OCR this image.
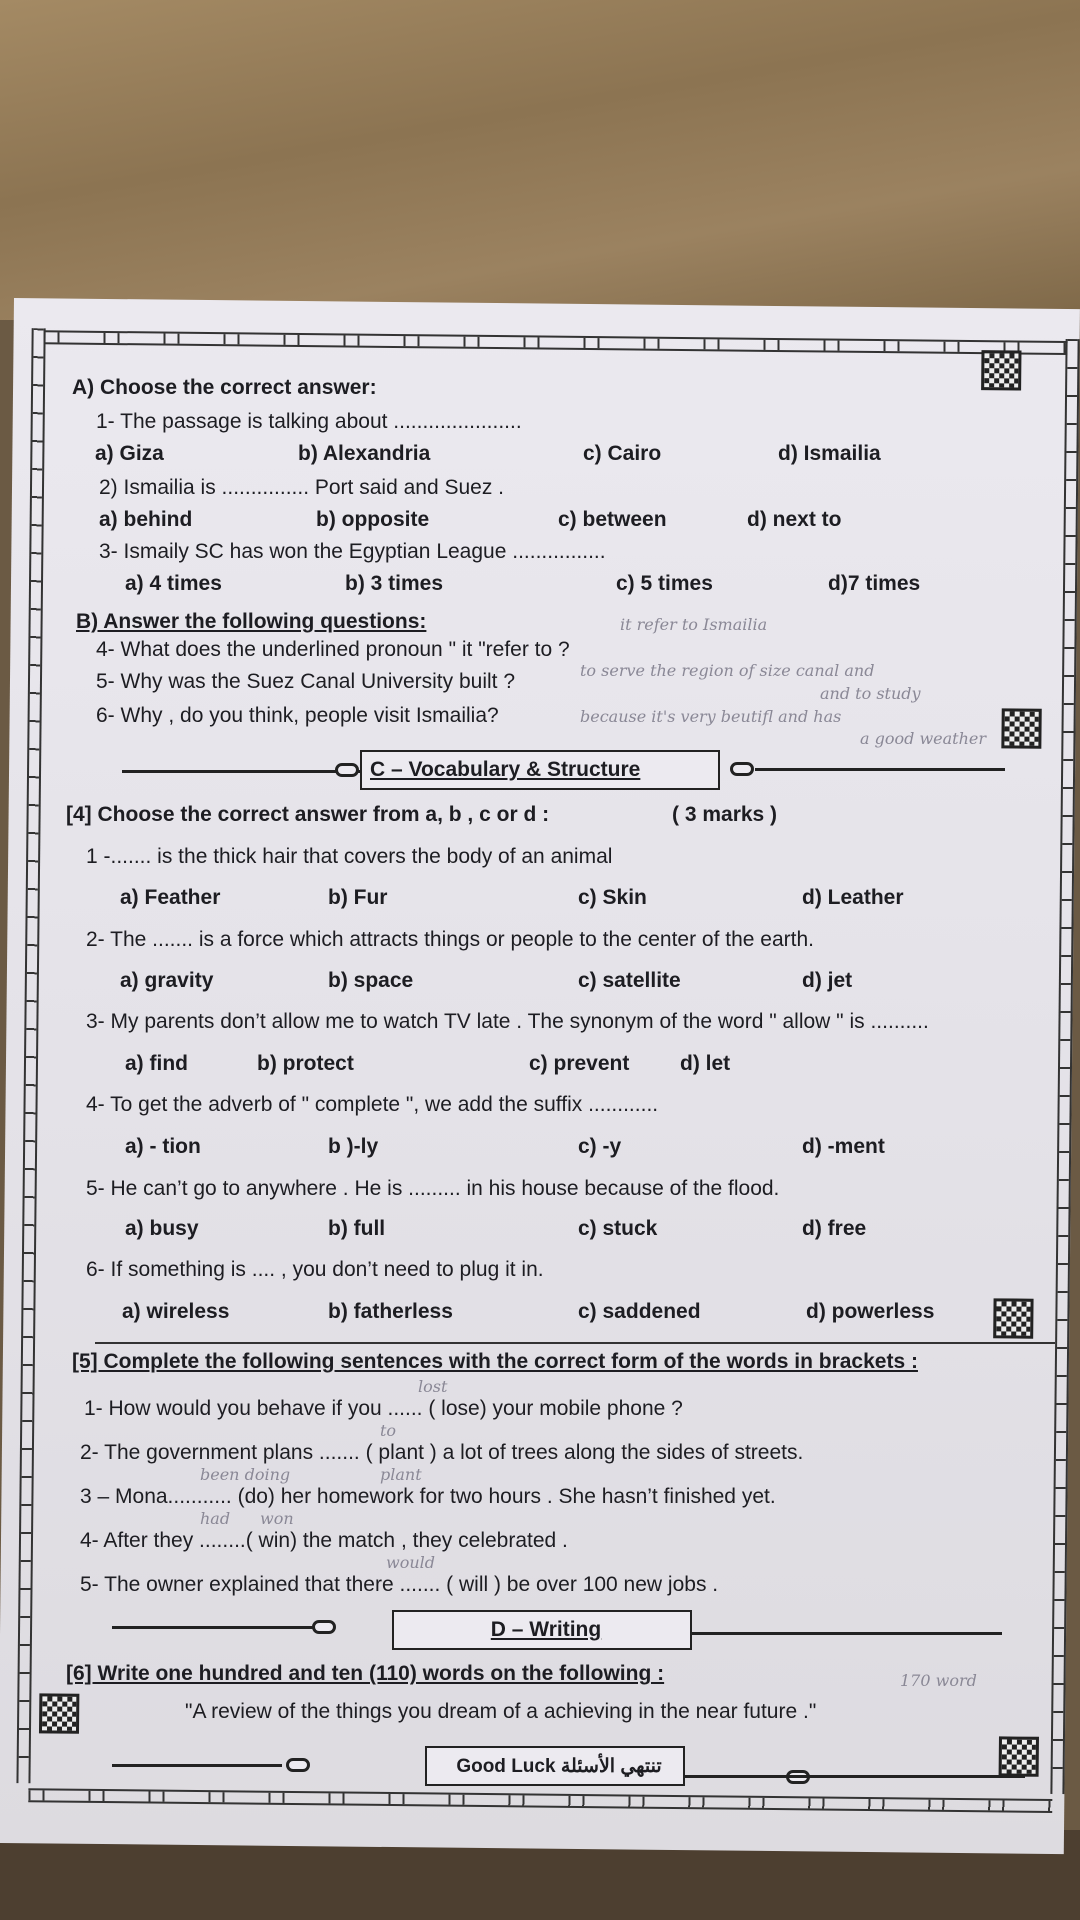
A) Choose the correct answer:
1- The passage is talking about ......................
a) Giza	b) Alexandria	c) Cairo	d) Ismailia
2) Ismailia is ............... Port said and Suez .
a) behind	b) opposite	c) between	d) next to
3- Ismaily SC has won the Egyptian League ................
a) 4 times	b) 3 times	c) 5 times	d)7 times
B) Answer the following questions:
4- What does the underlined pronoun " it "refer to ?
5- Why was the Suez Canal University built ?
6- Why , do you think, people visit Ismailia?
it refer to Ismailia
to serve the region of size canal and
and to study
because it's very beutifl and has
a good weather
C – Vocabulary & Structure
[4] Choose the correct answer from a, b , c or d :	( 3 marks )
1 -....... is the thick hair that covers the body of an animal
a) Feather	b) Fur	c) Skin	d) Leather
2- The ....... is a force which attracts things or people to the center of the earth.
a) gravity	b) space	c) satellite	d) jet
3- My parents don’t allow me to watch TV late . The synonym of the word " allow " is ..........
a) find	b) protect	c) prevent d) let
4- To get the adverb of " complete ", we add the suffix ............
a) - tion	b )-ly	c) -y	d) -ment
5- He can’t go to anywhere . He is ......... in his house because of the flood.
a) busy	b) full	c) stuck	d) free
6- If something is .... , you don’t need to plug it in.
a) wireless	b) fatherless	c) saddened	d) powerless
[5] Complete the following sentences with the correct form of the words in brackets :
lost
1- How would you behave if you ...... ( lose) your mobile phone ?
to
2- The government plans ....... ( plant ) a lot of trees along the sides of streets.
been doing	plant
3 – Mona........... (do) her homework for two hours . She hasn’t finished yet.
had won
4- After they ........( win) the match , they celebrated .
would
5- The owner explained that there ....... ( will ) be over 100 new jobs .
D – Writing
[6] Write one hundred and ten (110) words on the following :
"A review of the things you dream of a achieving in the near future ."
170 word
Good Luck تنتهي الأسئلة
